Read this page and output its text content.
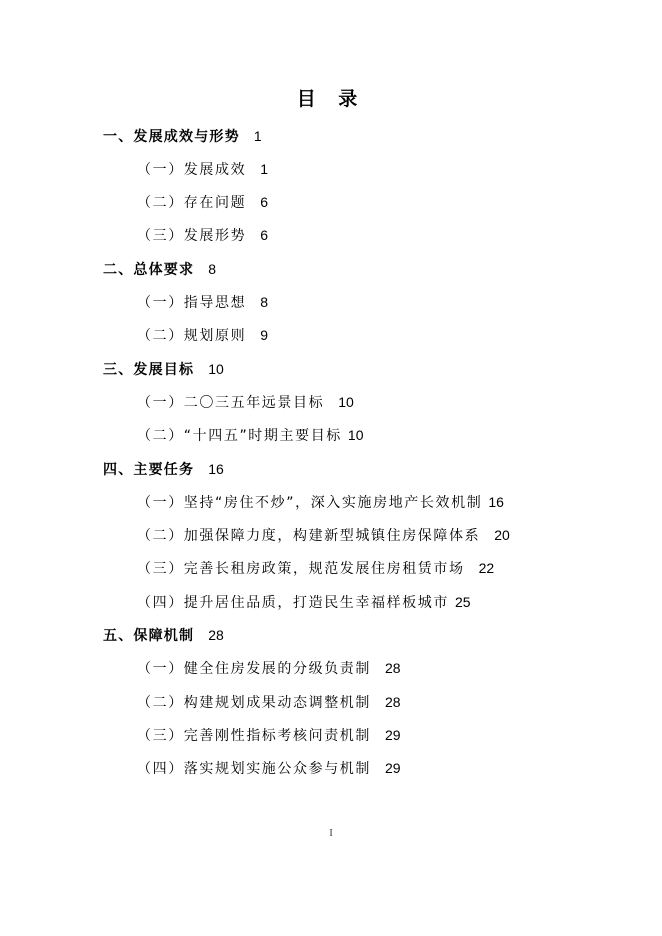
目 录
一、发展成效与形势 1
（一）发展成效 1
（二）存在问题 6
（三）发展形势 6
二、总体要求 8
（一）指导思想 8
（二）规划原则 9
三、发展目标 10
（一）二〇三五年远景目标 10
（二）“十四五”时期主要目标 10
四、主要任务 16
（一）坚持“房住不炒”，深入实施房地产长效机制 16
（二）加强保障力度，构建新型城镇住房保障体系 20
（三）完善长租房政策，规范发展住房租赁市场 22
（四）提升居住品质，打造民生幸福样板城市 25
五、保障机制 28
（一）健全住房发展的分级负责制 28
（二）构建规划成果动态调整机制 28
（三）完善刚性指标考核问责机制 29
（四）落实规划实施公众参与机制 29
I
